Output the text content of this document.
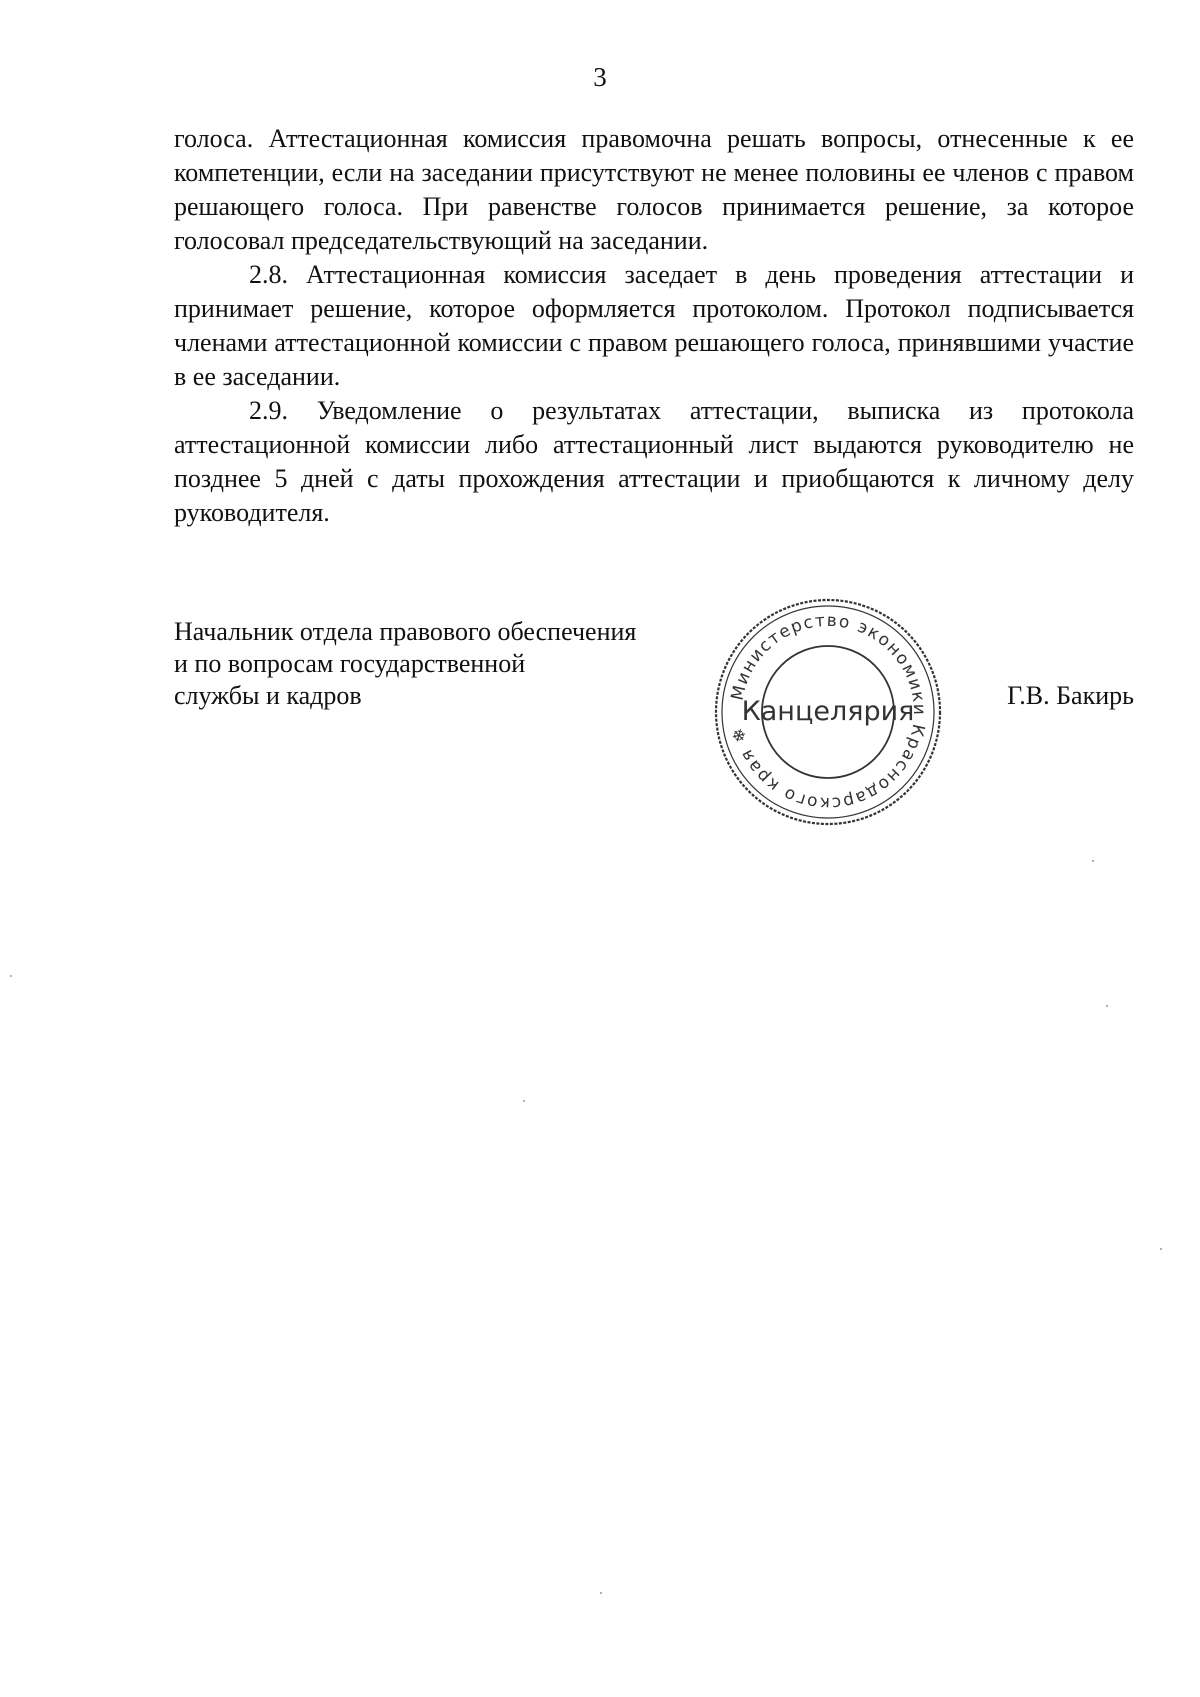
3

голоса. Аттестационная комиссия правомочна решать вопросы, отнесенные к ее компетенции, если на заседании присутствуют не менее половины ее членов с правом решающего голоса. При равенстве голосов принимается решение, за которое голосовал председательствующий на заседании.

2.8. Аттестационная комиссия заседает в день проведения аттестации и принимает решение, которое оформляется протоколом. Протокол подписывается членами аттестационной комиссии с правом решающего голоса, принявшими участие в ее заседании.

2.9. Уведомление о результатах аттестации, выписка из протокола аттестационной комиссии либо аттестационный лист выдаются руководителю не позднее 5 дней с даты прохождения аттестации и приобщаются к личному делу руководителя.

Начальник отдела правового обеспечения
и по вопросам государственной
службы и кадров	Министерство экономики Краснодарского края ❄
Канцелярия
Г.В. Бакирь
